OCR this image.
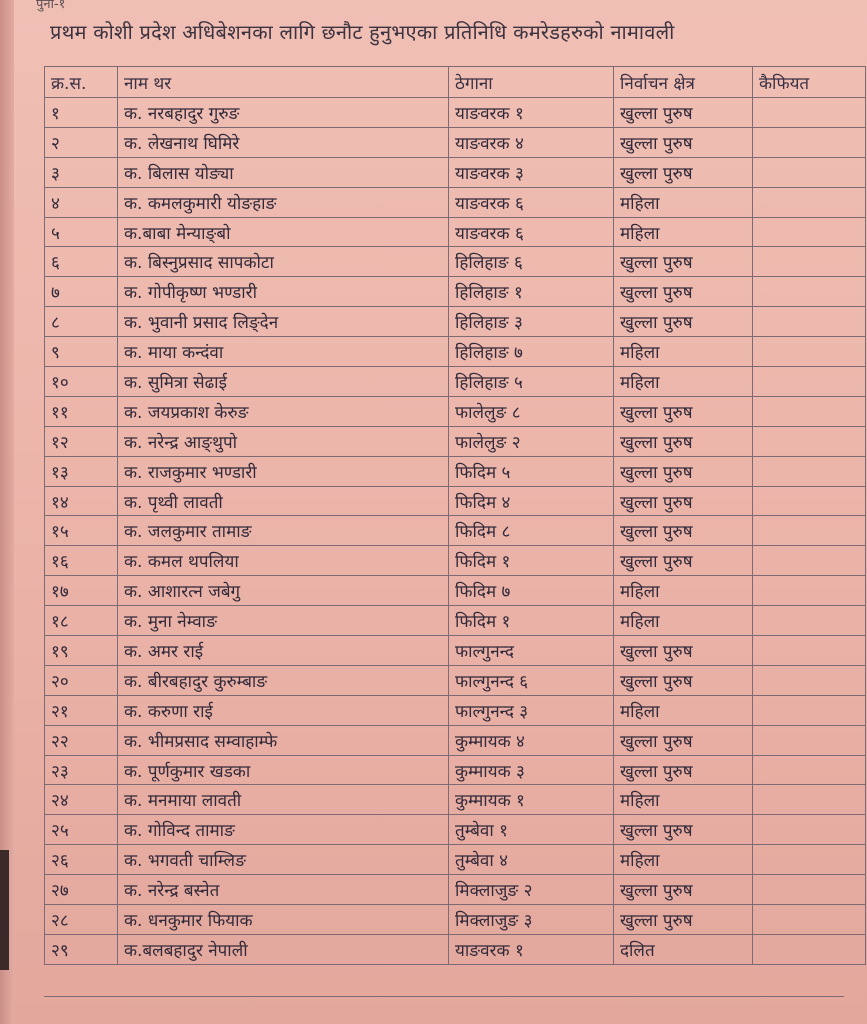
पुना-१
प्रथम कोशी प्रदेश अधिबेशनका लागि छनौट हुनुभएका प्रतिनिधि कमरेडहरुको नामावली
क्र.स.	नाम थर	ठेगाना	निर्वाचन क्षेत्र	कैफियत
१	क. नरबहादुर गुरुङ	याङवरक १	खुल्ला पुरुष	
२	क. लेखनाथ घिमिरे	याङवरक ४	खुल्ला पुरुष	
३	क. बिलास योङ्या	याङवरक ३	खुल्ला पुरुष	
४	क. कमलकुमारी योङहाङ	याङवरक ६	महिला	
५	क.बाबा मेन्याङ्बो	याङवरक ६	महिला	
६	क. बिस्नुप्रसाद सापकोटा	हिलिहाङ ६	खुल्ला पुरुष	
७	क. गोपीकृष्ण भण्डारी	हिलिहाङ १	खुल्ला पुरुष	
८	क. भुवानी प्रसाद लिङ्देन	हिलिहाङ ३	खुल्ला पुरुष	
९	क. माया कन्दंवा	हिलिहाङ ७	महिला	
१०	क. सुमित्रा सेढाई	हिलिहाङ ५	महिला	
११	क. जयप्रकाश केरुङ	फालेलुङ ८	खुल्ला पुरुष	
१२	क. नरेन्द्र आङ्थुपो	फालेलुङ २	खुल्ला पुरुष	
१३	क. राजकुमार भण्डारी	फिदिम ५	खुल्ला पुरुष	
१४	क. पृथ्वी लावती	फिदिम ४	खुल्ला पुरुष	
१५	क. जलकुमार तामाङ	फिदिम ८	खुल्ला पुरुष	
१६	क. कमल थपलिया	फिदिम १	खुल्ला पुरुष	
१७	क. आशारत्न जबेगु	फिदिम ७	महिला	
१८	क. मुना नेम्वाङ	फिदिम १	महिला	
१९	क. अमर राई	फाल्गुनन्द	खुल्ला पुरुष	
२०	क. बीरबहादुर कुरुम्बाङ	फाल्गुनन्द ६	खुल्ला पुरुष	
२१	क. करुणा राई	फाल्गुनन्द ३	महिला	
२२	क. भीमप्रसाद सम्वाहाम्फे	कुम्मायक ४	खुल्ला पुरुष	
२३	क. पूर्णकुमार खडका	कुम्मायक ३	खुल्ला पुरुष	
२४	क. मनमाया लावती	कुम्मायक १	महिला	
२५	क. गोविन्द तामाङ	तुम्बेवा १	खुल्ला पुरुष	
२६	क. भगवती चाम्लिङ	तुम्बेवा ४	महिला	
२७	क. नरेन्द्र बस्नेत	मिक्लाजुङ २	खुल्ला पुरुष	
२८	क. धनकुमार फियाक	मिक्लाजुङ ३	खुल्ला पुरुष	
२९	क.बलबहादुर नेपाली	याङवरक १	दलित	
